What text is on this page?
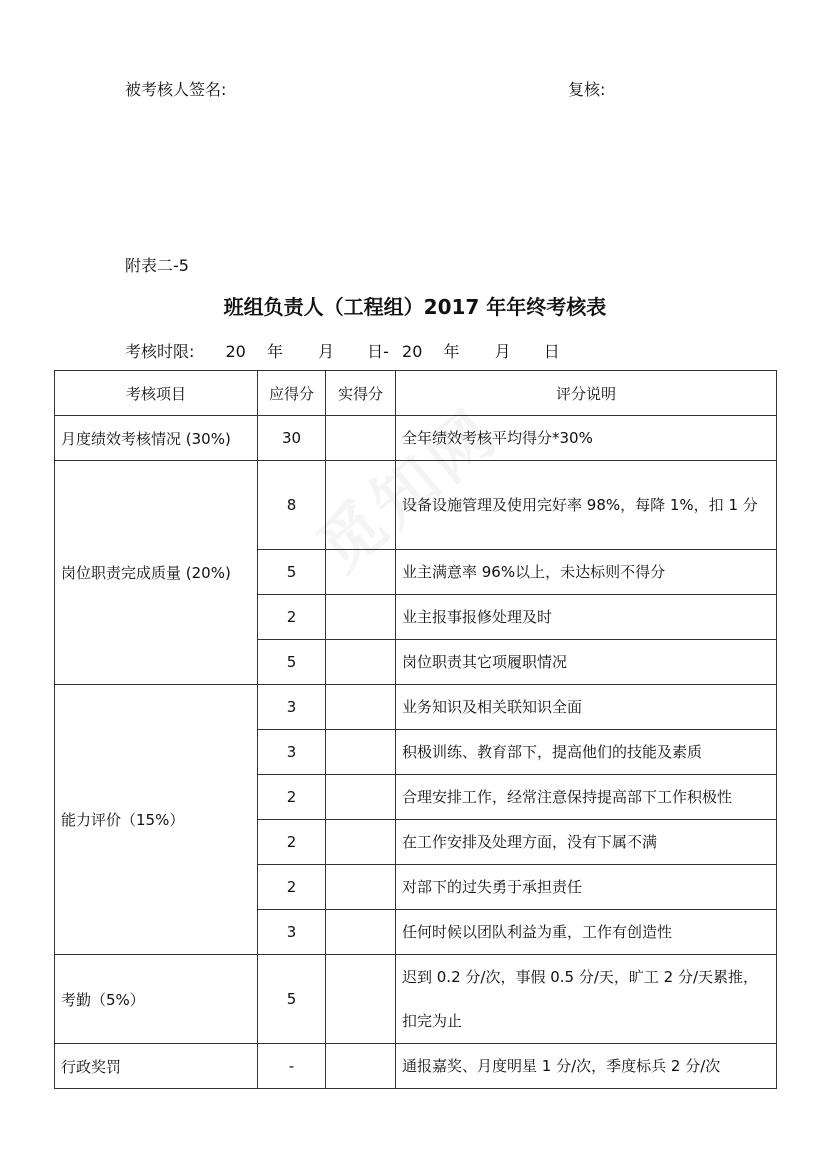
被考核人签名:	复核:
附表二-5
班组负责人（工程组）2017 年年终考核表
考核时限: 20 年 月 日- 20 年 月 日
考核项目	应得分	实得分	评分说明
月度绩效考核情况 (30%)	30		全年绩效考核平均得分*30%
岗位职责完成质量 (20%)	8		设备设施管理及使用完好率 98%，每降 1%，扣 1 分
	5		业主满意率 96%以上，未达标则不得分
	2		业主报事报修处理及时
	5		岗位职责其它项履职情况
能力评价（15%）	3		业务知识及相关联知识全面
	3		积极训练、教育部下，提高他们的技能及素质
	2		合理安排工作，经常注意保持提高部下工作积极性
	2		在工作安排及处理方面，没有下属不满
	2		对部下的过失勇于承担责任
	3		任何时候以团队利益为重，工作有创造性
考勤（5%）	5		迟到 0.2 分/次，事假 0.5 分/天，旷工 2 分/天累推，扣完为止
行政奖罚	-		通报嘉奖、月度明星 1 分/次，季度标兵 2 分/次
